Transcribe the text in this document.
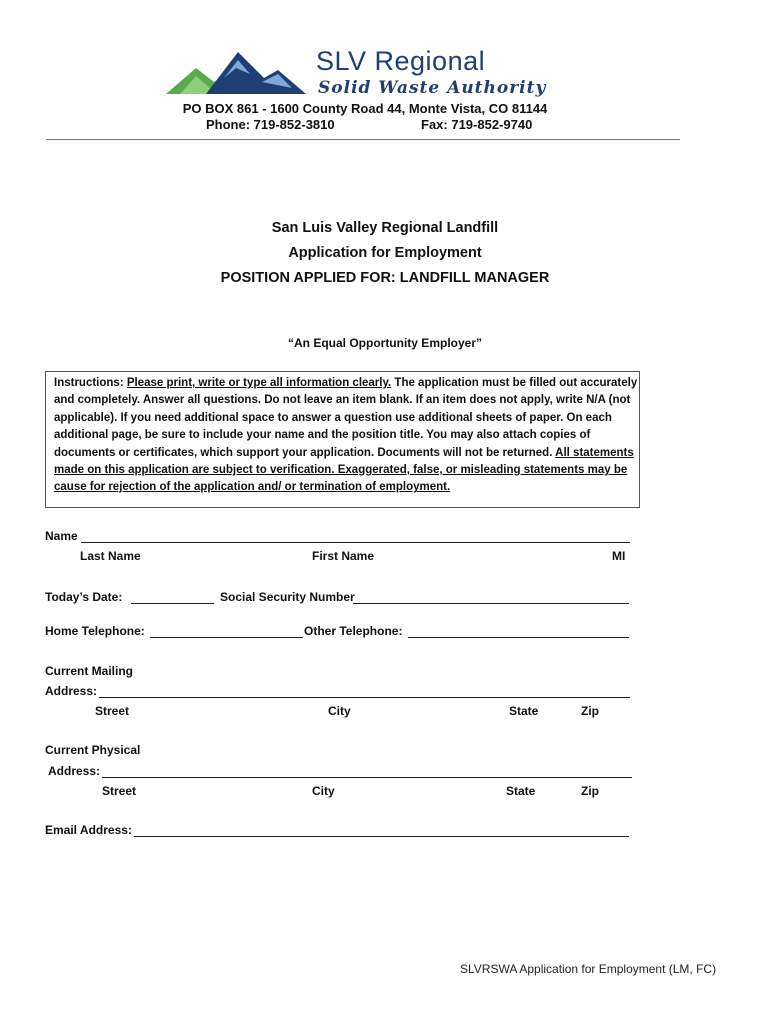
SLV Regional
Solid Waste Authority
PO BOX 861 - 1600 County Road 44, Monte Vista, CO 81144
Phone: 719-852-3810	Fax: 719-852-9740
San Luis Valley Regional Landfill
Application for Employment
POSITION APPLIED FOR: LANDFILL MANAGER
“An Equal Opportunity Employer”
Instructions: Please print, write or type all information clearly. The application must be filled out accurately and completely. Answer all questions. Do not leave an item blank. If an item does not apply, write N/A (not applicable). If you need additional space to answer a question use additional sheets of paper. On each additional page, be sure to include your name and the position title. You may also attach copies of documents or certificates, which support your application. Documents will not be returned. All statements made on this application are subject to verification. Exaggerated, false, or misleading statements may be cause for rejection of the application and/ or termination of employment.
Name
Last Name	First Name	MI
Today’s Date:	Social Security Number
Home Telephone:	Other Telephone:
Current Mailing
Address:
Street	City	State	Zip
Current Physical
Address:
Street	City	State	Zip
Email Address:
SLVRSWA Application for Employment (LM, FC)
